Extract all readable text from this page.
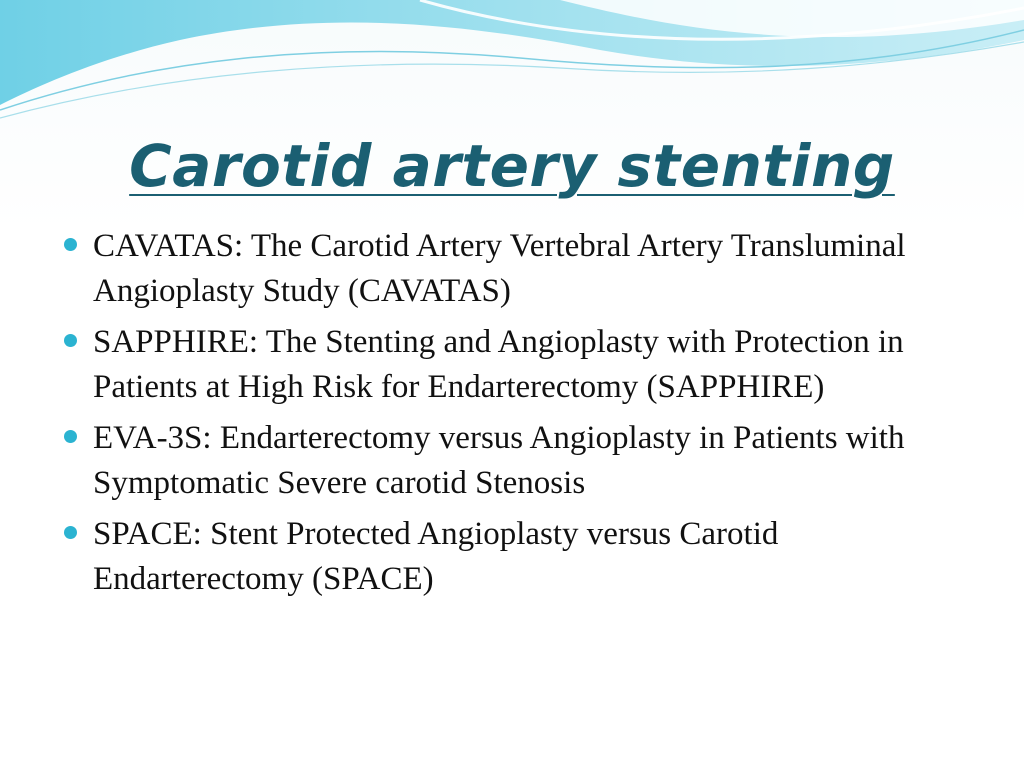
Carotid artery stenting
CAVATAS: The Carotid Artery Vertebral Artery Transluminal Angioplasty Study (CAVATAS)
SAPPHIRE: The Stenting and Angioplasty with Protection in Patients at High Risk for Endarterectomy (SAPPHIRE)
EVA-3S: Endarterectomy versus Angioplasty in Patients with Symptomatic Severe carotid Stenosis
SPACE: Stent Protected Angioplasty versus Carotid Endarterectomy (SPACE)
